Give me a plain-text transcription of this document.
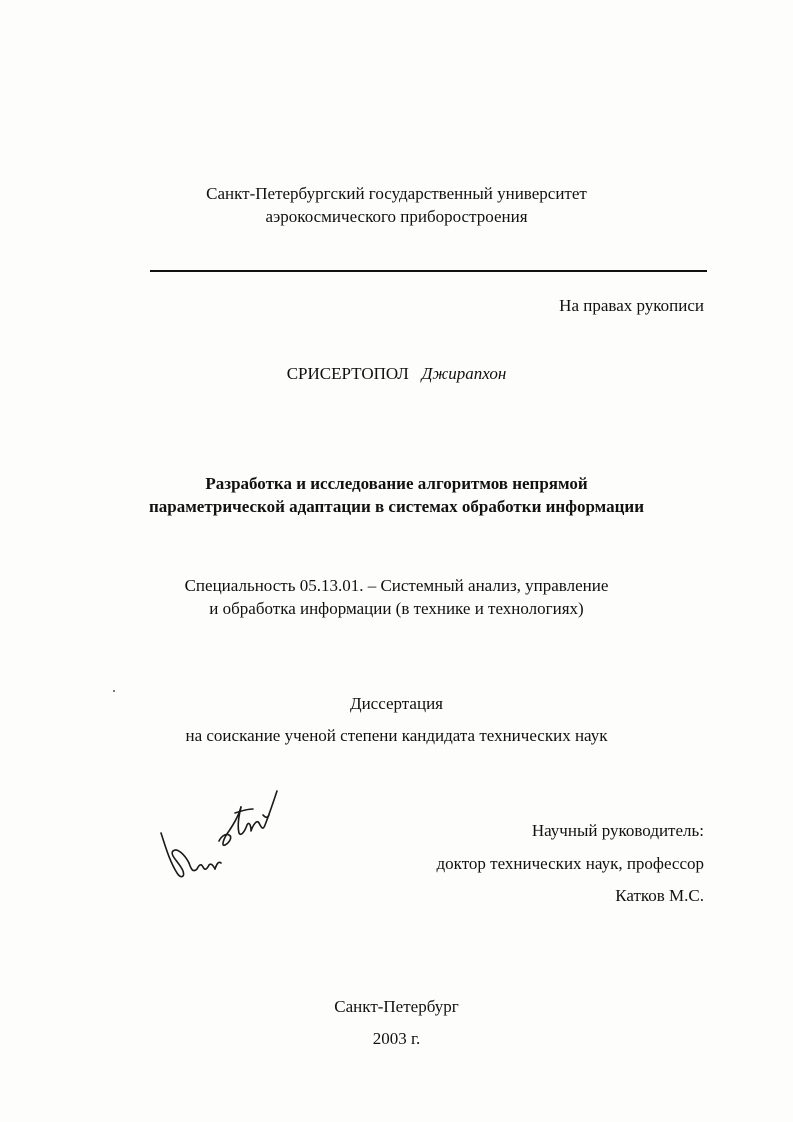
Санкт-Петербургский государственный университет
аэрокосмического приборостроения
На правах рукописи
СРИСЕРТОПОЛ Джирапхон
Разработка и исследование алгоритмов непрямой
параметрической адаптации в системах обработки информации
Специальность 05.13.01. – Системный анализ, управление
и обработка информации (в технике и технологиях)
Диссертация
на соискание ученой степени кандидата технических наук
Научный руководитель:
доктор технических наук, профессор
Катков М.С.
Санкт-Петербург
2003 г.
